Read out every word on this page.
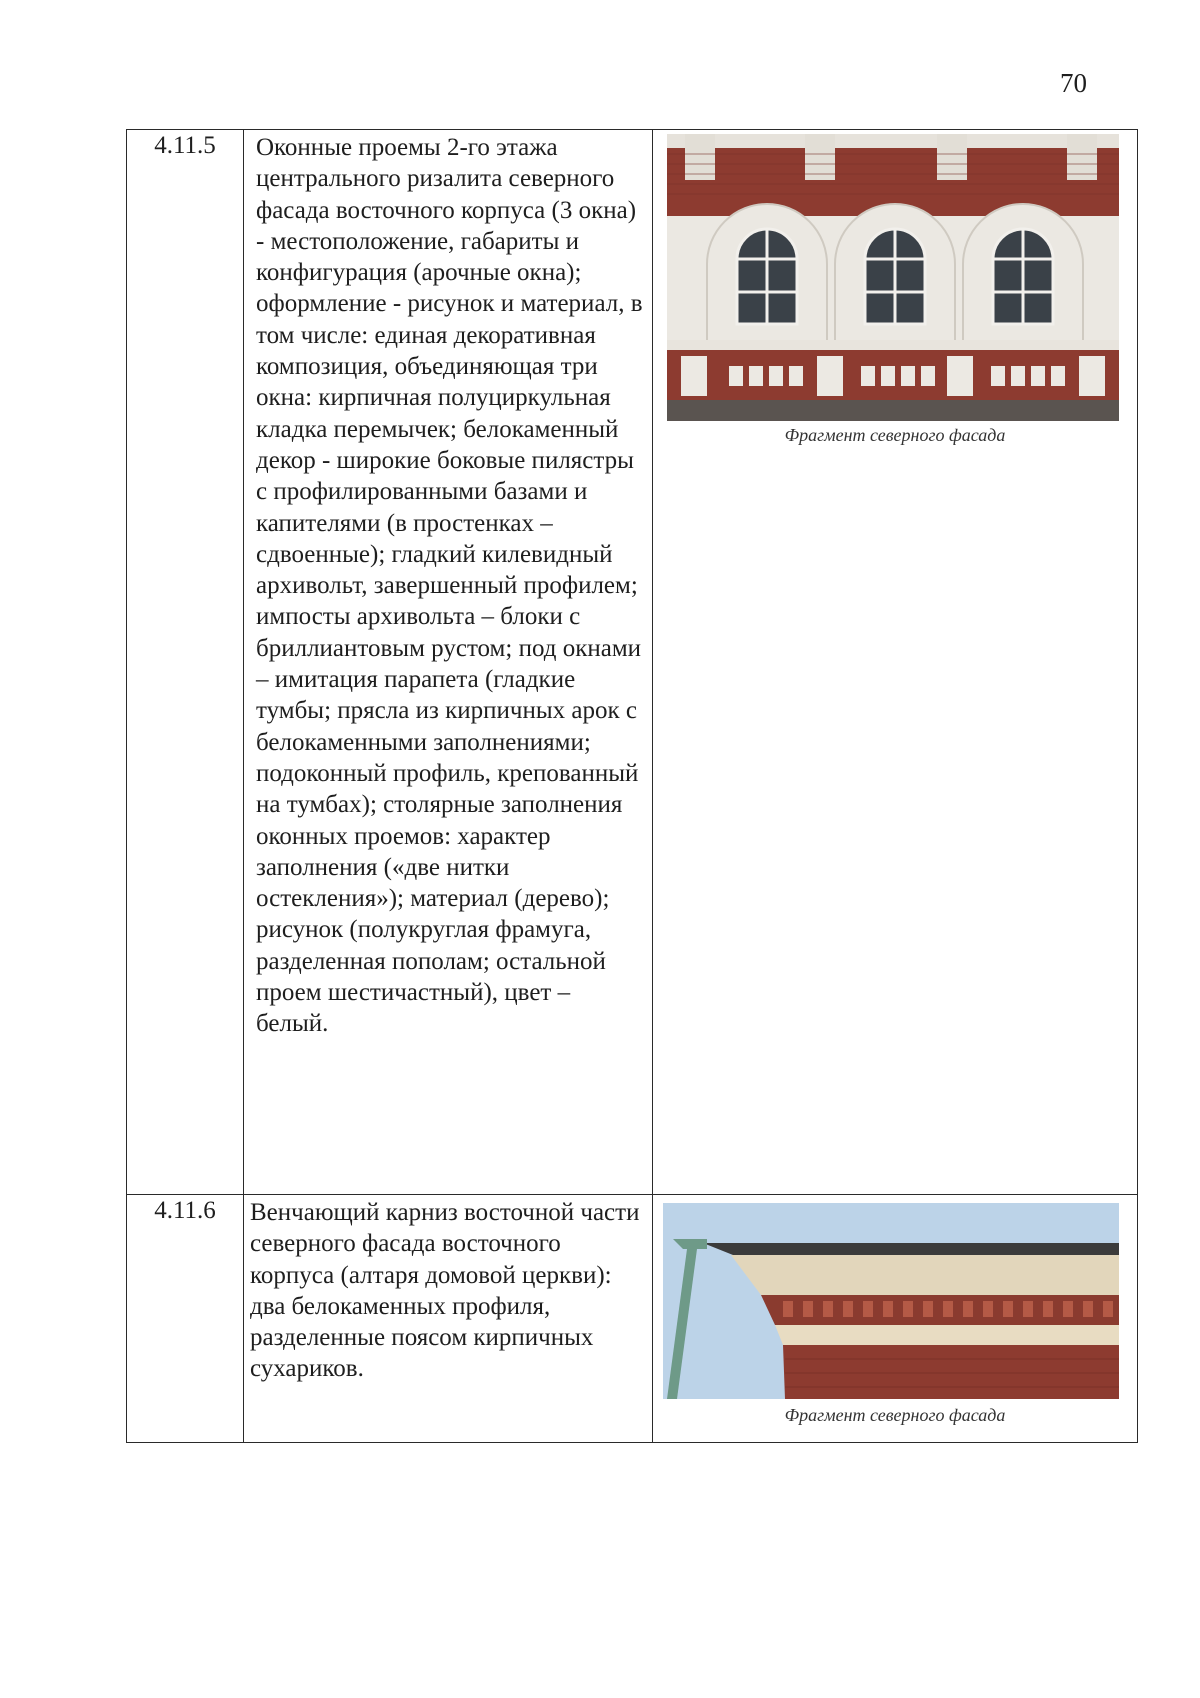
70
4.11.5	Оконные проемы 2-го этажа центрального ризалита северного фасада восточного корпуса (3 окна) - местоположение, габариты и конфигурация (арочные окна); оформление - рисунок и материал, в том числе: единая декоративная композиция, объединяющая три окна: кирпичная полуциркульная кладка перемычек; белокаменный декор - широкие боковые пилястры с профилированными базами и капителями (в простенках – сдвоенные); гладкий килевидный архивольт, завершенный профилем; импосты архивольта – блоки с бриллиантовым рустом; под окнами – имитация парапета (гладкие тумбы; прясла из кирпичных арок с белокаменными заполнениями; подоконный профиль, крепованный на тумбах); столярные заполнения оконных проемов: характер заполнения («две нитки остекления»); материал (дерево); рисунок (полукруглая фрамуга, разделенная пополам; остальной проем шестичастный), цвет – белый.	Фрагмент северного фасада

4.11.6	Венчающий карниз восточной части северного фасада восточного корпуса (алтаря домовой церкви): два белокаменных профиля, разделенные поясом кирпичных сухариков.	Фрагмент северного фасада
